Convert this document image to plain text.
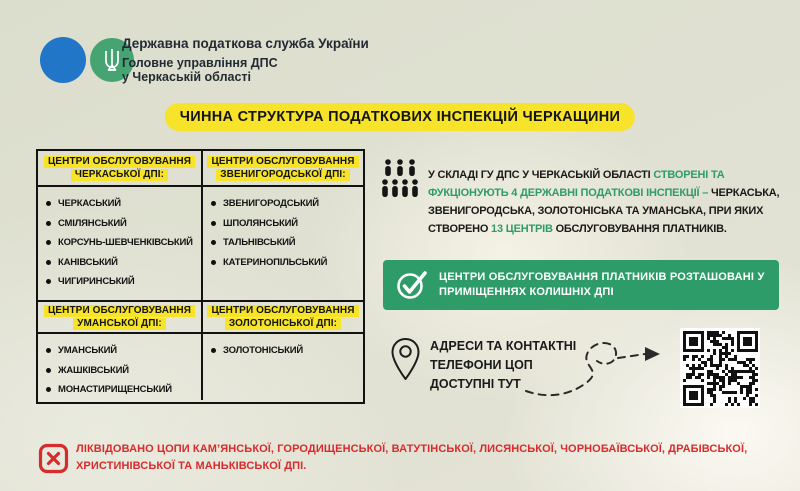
Державна податкова служба України
Головне управління ДПС
у Черкаській області
ЧИННА СТРУКТУРА ПОДАТКОВИХ ІНСПЕКЦІЙ ЧЕРКАЩИНИ
ЦЕНТРИ ОБСЛУГОВУВАННЯ
ЧЕРКАСЬКОЇ ДПІ:
ЦЕНТРИ ОБСЛУГОВУВАННЯ
ЗВЕНИГОРОДСЬКОЇ ДПІ:
ЧЕРКАСЬКИЙ
СМІЛЯНСЬКИЙ
КОРСУНЬ-ШЕВЧЕНКІВСЬКИЙ
КАНІВСЬКИЙ
ЧИГИРИНСЬКИЙ
ЗВЕНИГОРОДСЬКИЙ
ШПОЛЯНСЬКИЙ
ТАЛЬНІВСЬКИЙ
КАТЕРИНОПІЛЬСЬКИЙ
ЦЕНТРИ ОБСЛУГОВУВАННЯ
УМАНСЬКОЇ ДПІ:
ЦЕНТРИ ОБСЛУГОВУВАННЯ
ЗОЛОТОНІСЬКОЇ ДПІ:
УМАНСЬКИЙ
ЖАШКІВСЬКИЙ
МОНАСТИРИЩЕНСЬКИЙ
ЗОЛОТОНІСЬКИЙ

У СКЛАДІ ГУ ДПС У ЧЕРКАСЬКІЙ ОБЛАСТІ СТВОРЕНІ ТА ФУКЦІОНУЮТЬ 4 ДЕРЖАВНІ ПОДАТКОВІ ІНСПЕКЦІЇ – ЧЕРКАСЬКА, ЗВЕНИГОРОДСЬКА, ЗОЛОТОНІСЬКА ТА УМАНСЬКА, ПРИ ЯКИХ СТВОРЕНО 13 ЦЕНТРІВ ОБСЛУГОВУВАННЯ ПЛАТНИКІВ.

ЦЕНТРИ ОБСЛУГОВУВАННЯ ПЛАТНИКІВ РОЗТАШОВАНІ У ПРИМІЩЕННЯХ КОЛИШНІХ ДПІ
АДРЕСИ ТА КОНТАКТНІ
ТЕЛЕФОНИ ЦОП
ДОСТУПНІ ТУТ
ЛІКВІДОВАНО ЦОПИ КАМ’ЯНСЬКОЇ, ГОРОДИЩЕНСЬКОЇ, ВАТУТІНСЬКОЇ, ЛИСЯНСЬКОЇ, ЧОРНОБАЇВСЬКОЇ, ДРАБІВСЬКОЇ, ХРИСТИНІВСЬКОЇ ТА МАНЬКІВСЬКОЇ ДПІ.
